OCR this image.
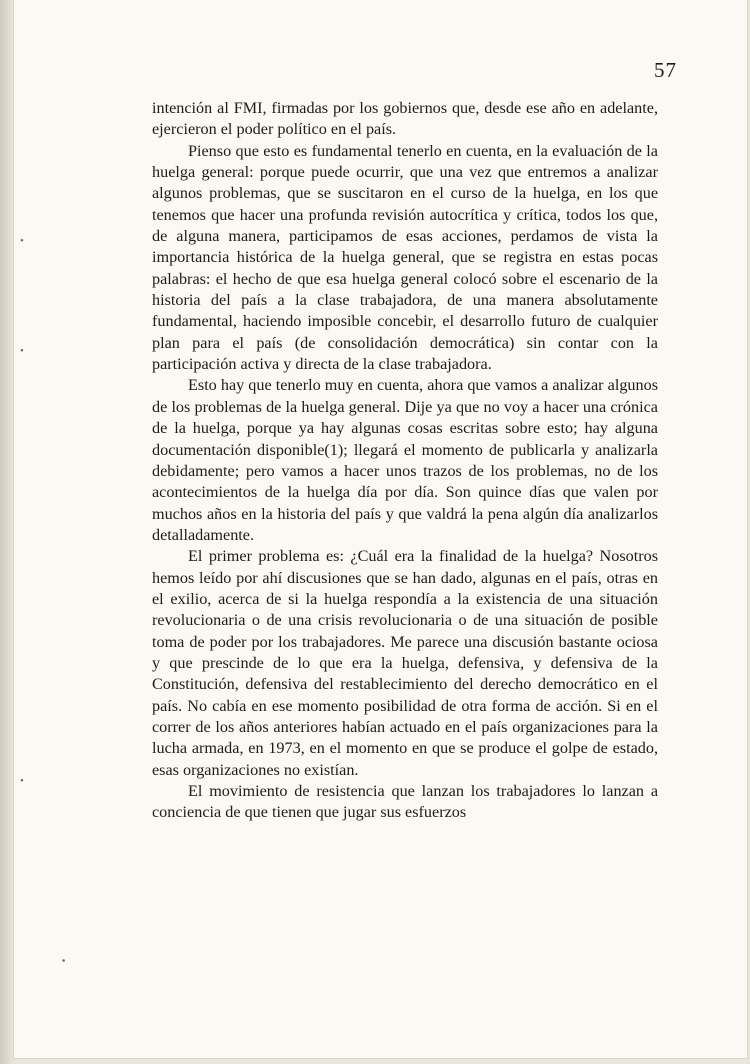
57

intención al FMI, firmadas por los gobiernos que, desde ese año en adelante, ejercieron el poder político en el país.

Pienso que esto es fundamental tenerlo en cuenta, en la evaluación de la huelga general: porque puede ocurrir, que una vez que entremos a analizar algunos problemas, que se suscitaron en el curso de la huelga, en los que tenemos que hacer una profunda revisión autocrítica y crítica, todos los que, de alguna manera, participamos de esas acciones, perdamos de vista la importancia histórica de la huelga general, que se registra en estas pocas palabras: el hecho de que esa huelga general colocó sobre el escenario de la historia del país a la clase trabajadora, de una manera absolutamente fundamental, haciendo imposible concebir, el desarrollo futuro de cualquier plan para el país (de consolidación democrática) sin contar con la participación activa y directa de la clase trabajadora.

Esto hay que tenerlo muy en cuenta, ahora que vamos a analizar algunos de los problemas de la huelga general. Dije ya que no voy a hacer una crónica de la huelga, porque ya hay algunas cosas escritas sobre esto; hay alguna documentación disponible(1); llegará el momento de publicarla y analizarla debidamente; pero vamos a hacer unos trazos de los problemas, no de los acontecimientos de la huelga día por día. Son quince días que valen por muchos años en la historia del país y que valdrá la pena algún día analizarlos detalladamente.

El primer problema es: ¿Cuál era la finalidad de la huelga? Nosotros hemos leído por ahí discusiones que se han dado, algunas en el país, otras en el exilio, acerca de si la huelga respondía a la existencia de una situación revolucionaria o de una crisis revolucionaria o de una situación de posible toma de poder por los trabajadores. Me parece una discusión bastante ociosa y que prescinde de lo que era la huelga, defensiva, y defensiva de la Constitución, defensiva del restablecimiento del derecho democrático en el país. No cabía en ese momento posibilidad de otra forma de acción. Si en el correr de los años anteriores habían actuado en el país organizaciones para la lucha armada, en 1973, en el momento en que se produce el golpe de estado, esas organizaciones no existían.

El movimiento de resistencia que lanzan los trabajadores lo lanzan a conciencia de que tienen que jugar sus esfuerzos

•
•
•
•
